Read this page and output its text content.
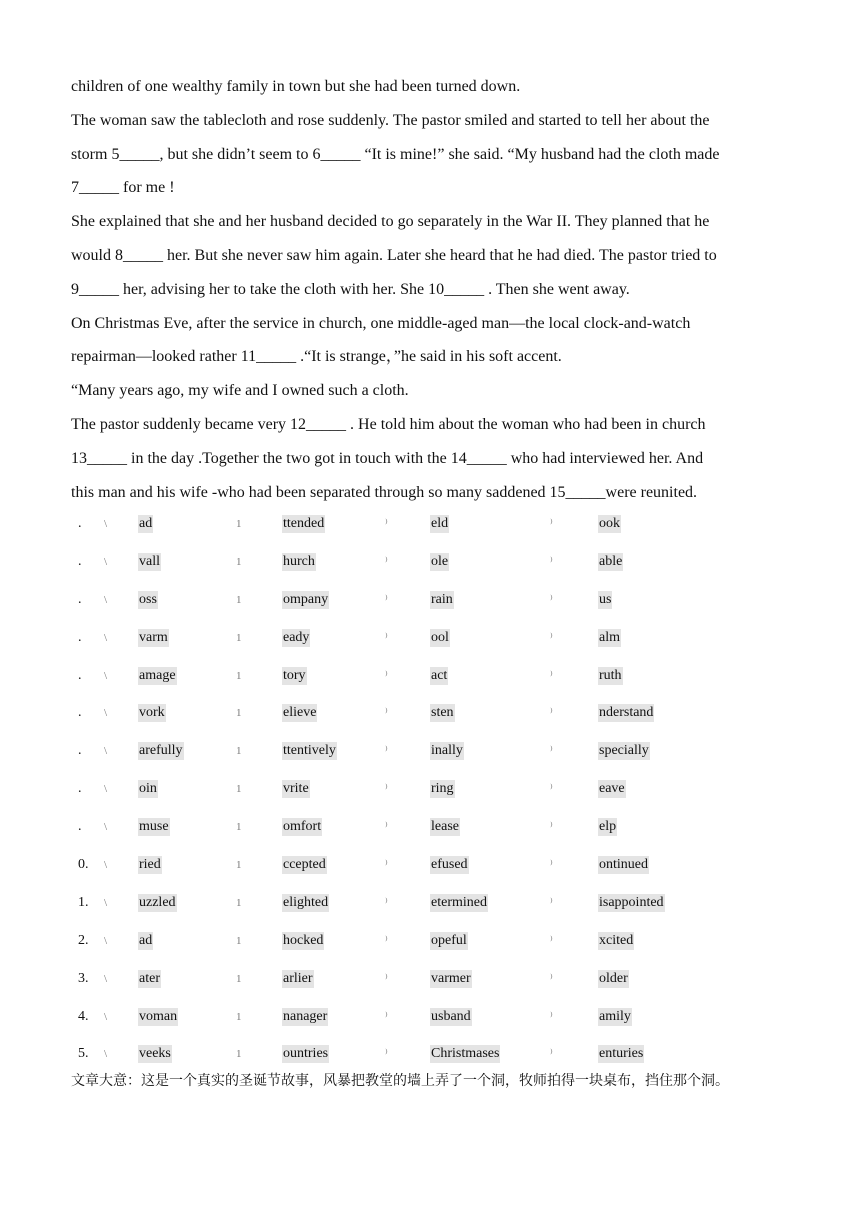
children of one wealthy family in town but she had been turned down.
The woman saw the tablecloth and rose suddenly. The pastor smiled and started to tell her about the
storm 5_____, but she didn’t seem to 6_____ “It is mine!” she said. “My husband had the cloth made
7_____ for me !
She explained that she and her husband decided to go separately in the War II. They planned that he
would 8_____ her. But she never saw him again. Later she heard that he had died. The pastor tried to
9_____ her, advising her to take the cloth with her. She 10_____ . Then she went away.
On Christmas Eve, after the service in church, one middle-aged man—the local clock-and-watch
repairman—looked rather 11_____ .“It is strange，”he said in his soft accent.
“Many years ago, my wife and I owned such a cloth.
The pastor suddenly became very 12_____ . He told him about the woman who had been in church
13_____ in the day .Together the two got in touch with the 14_____ who had interviewed her. And
this man and his wife -who had been separated through so many saddened 15_____were reunited.
. \ ad	1	ttended	⁾	eld	⁾	ook
. \ vall	1	hurch	⁾	ole	⁾	able
. \ oss	1	ompany	⁾	rain	⁾	us
. \ varm	1	eady	⁾	ool	⁾	alm
. \ amage	1	tory	⁾	act	⁾	ruth
. \ vork	1	elieve	⁾	sten	⁾	nderstand
. \ arefully	1	ttentively	⁾	inally	⁾	specially
. \ oin	1	vrite	⁾	ring	⁾	eave
. \ muse	1	omfort	⁾	lease	⁾	elp
0. \ ried	1	ccepted	⁾	efused	⁾	ontinued
1. \ uzzled	1	elighted	⁾	etermined	⁾	isappointed
2. \ ad	1	hocked	⁾	opeful	⁾	xcited
3. \ ater	1	arlier	⁾	varmer	⁾	older
4. \ voman	1	nanager	⁾	usband	⁾	amily
5. \ veeks	1	ountries	⁾	Christmases	⁾	enturies
文章大意：这是一个真实的圣诞节故事，风暴把教堂的墙上弄了一个洞，牧师拍得一块桌布，挡住那个洞。
